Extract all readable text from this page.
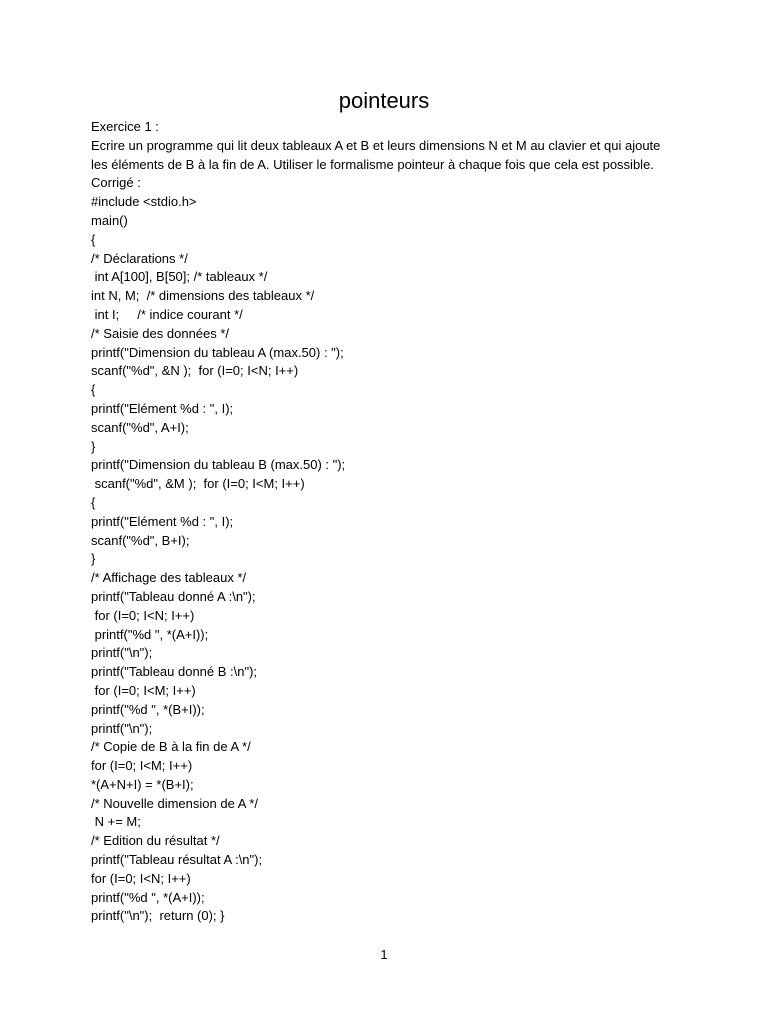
pointeurs
Exercice 1 :
Ecrire un programme qui lit deux tableaux A et B et leurs dimensions N et M au clavier et qui ajoute
les éléments de B à la fin de A. Utiliser le formalisme pointeur à chaque fois que cela est possible.
Corrigé :
#include <stdio.h>
main()
{
/* Déclarations */
int A[100], B[50]; /* tableaux */
int N, M;  /* dimensions des tableaux */
int I;     /* indice courant */
/* Saisie des données */
printf("Dimension du tableau A (max.50) : ");
scanf("%d", &N );  for (I=0; I<N; I++)
{
printf("Elément %d : ", I);
scanf("%d", A+I);
}
printf("Dimension du tableau B (max.50) : ");
scanf("%d", &M );  for (I=0; I<M; I++)
{
printf("Elément %d : ", I);
scanf("%d", B+I);
}
/* Affichage des tableaux */
printf("Tableau donné A :\n");
for (I=0; I<N; I++)
printf("%d ", *(A+I));
printf("\n");
printf("Tableau donné B :\n");
for (I=0; I<M; I++)
printf("%d ", *(B+I));
printf("\n");
/* Copie de B à la fin de A */
for (I=0; I<M; I++)
*(A+N+I) = *(B+I);
/* Nouvelle dimension de A */
N += M;
/* Edition du résultat */
printf("Tableau résultat A :\n");
for (I=0; I<N; I++)
printf("%d ", *(A+I));
printf("\n");  return (0); }
1
